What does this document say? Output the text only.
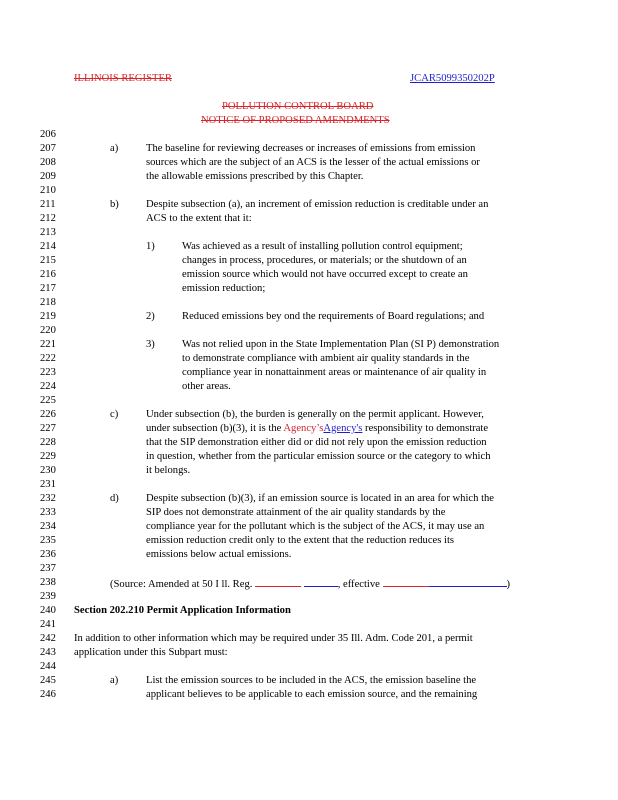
ILLINOIS REGISTER	JCAR5099350202P
POLLUTION CONTROL BOARD
NOTICE OF PROPOSED AMENDMENTS
206
207
208
209
210
211
212
213
214
215
216
217
218
219
220
221
222
223
224
225
226
227
228
229
230
231
232
233
234
235
236
237
238
239
240
241
242
243
244
245
246
a)	The baseline for reviewing decreases or increases of emissions from emission
sources which are the subject of an ACS is the lesser of the actual emissions or
the allowable emissions prescribed by this Chapter.
b)	Despite subsection (a), an increment of emission reduction is creditable under an
ACS to the extent that it:
1)	Was achieved as a result of installing pollution control equipment;
changes in process, procedures, or materials; or the shutdown of an
emission source which would not have occurred except to create an
emission reduction;
2)	Reduced emissions bey ond the requirements of Board regulations; and
3)	Was not relied upon in the State Implementation Plan (SI P) demonstration
to demonstrate compliance with ambient air quality standards in the
compliance year in nonattainment areas or maintenance of air quality in
other areas.
c)	Under subsection (b), the burden is generally on the permit applicant. However,
under subsection (b)(3), it is the Agency’sAgency's responsibility to demonstrate
that the SIP demonstration either did or did not rely upon the emission reduction
in question, whether from the particular emission source or the category to which
it belongs.
d)	Despite subsection (b)(3), if an emission source is located in an area for which the
SIP does not demonstrate attainment of the air quality standards by the
compliance year for the pollutant which is the subject of the ACS, it may use an
emission reduction credit only to the extent that the reduction reduces its
emissions below actual emissions.
(Source: Amended at 50 I ll. Reg.	, effective	)
Section 202.210 Permit Application Information
In addition to other information which may be required under 35 Ill. Adm. Code 201, a permit
application under this Subpart must:
a)	List the emission sources to be included in the ACS, the emission baseline the
applicant believes to be applicable to each emission source, and the remaining
